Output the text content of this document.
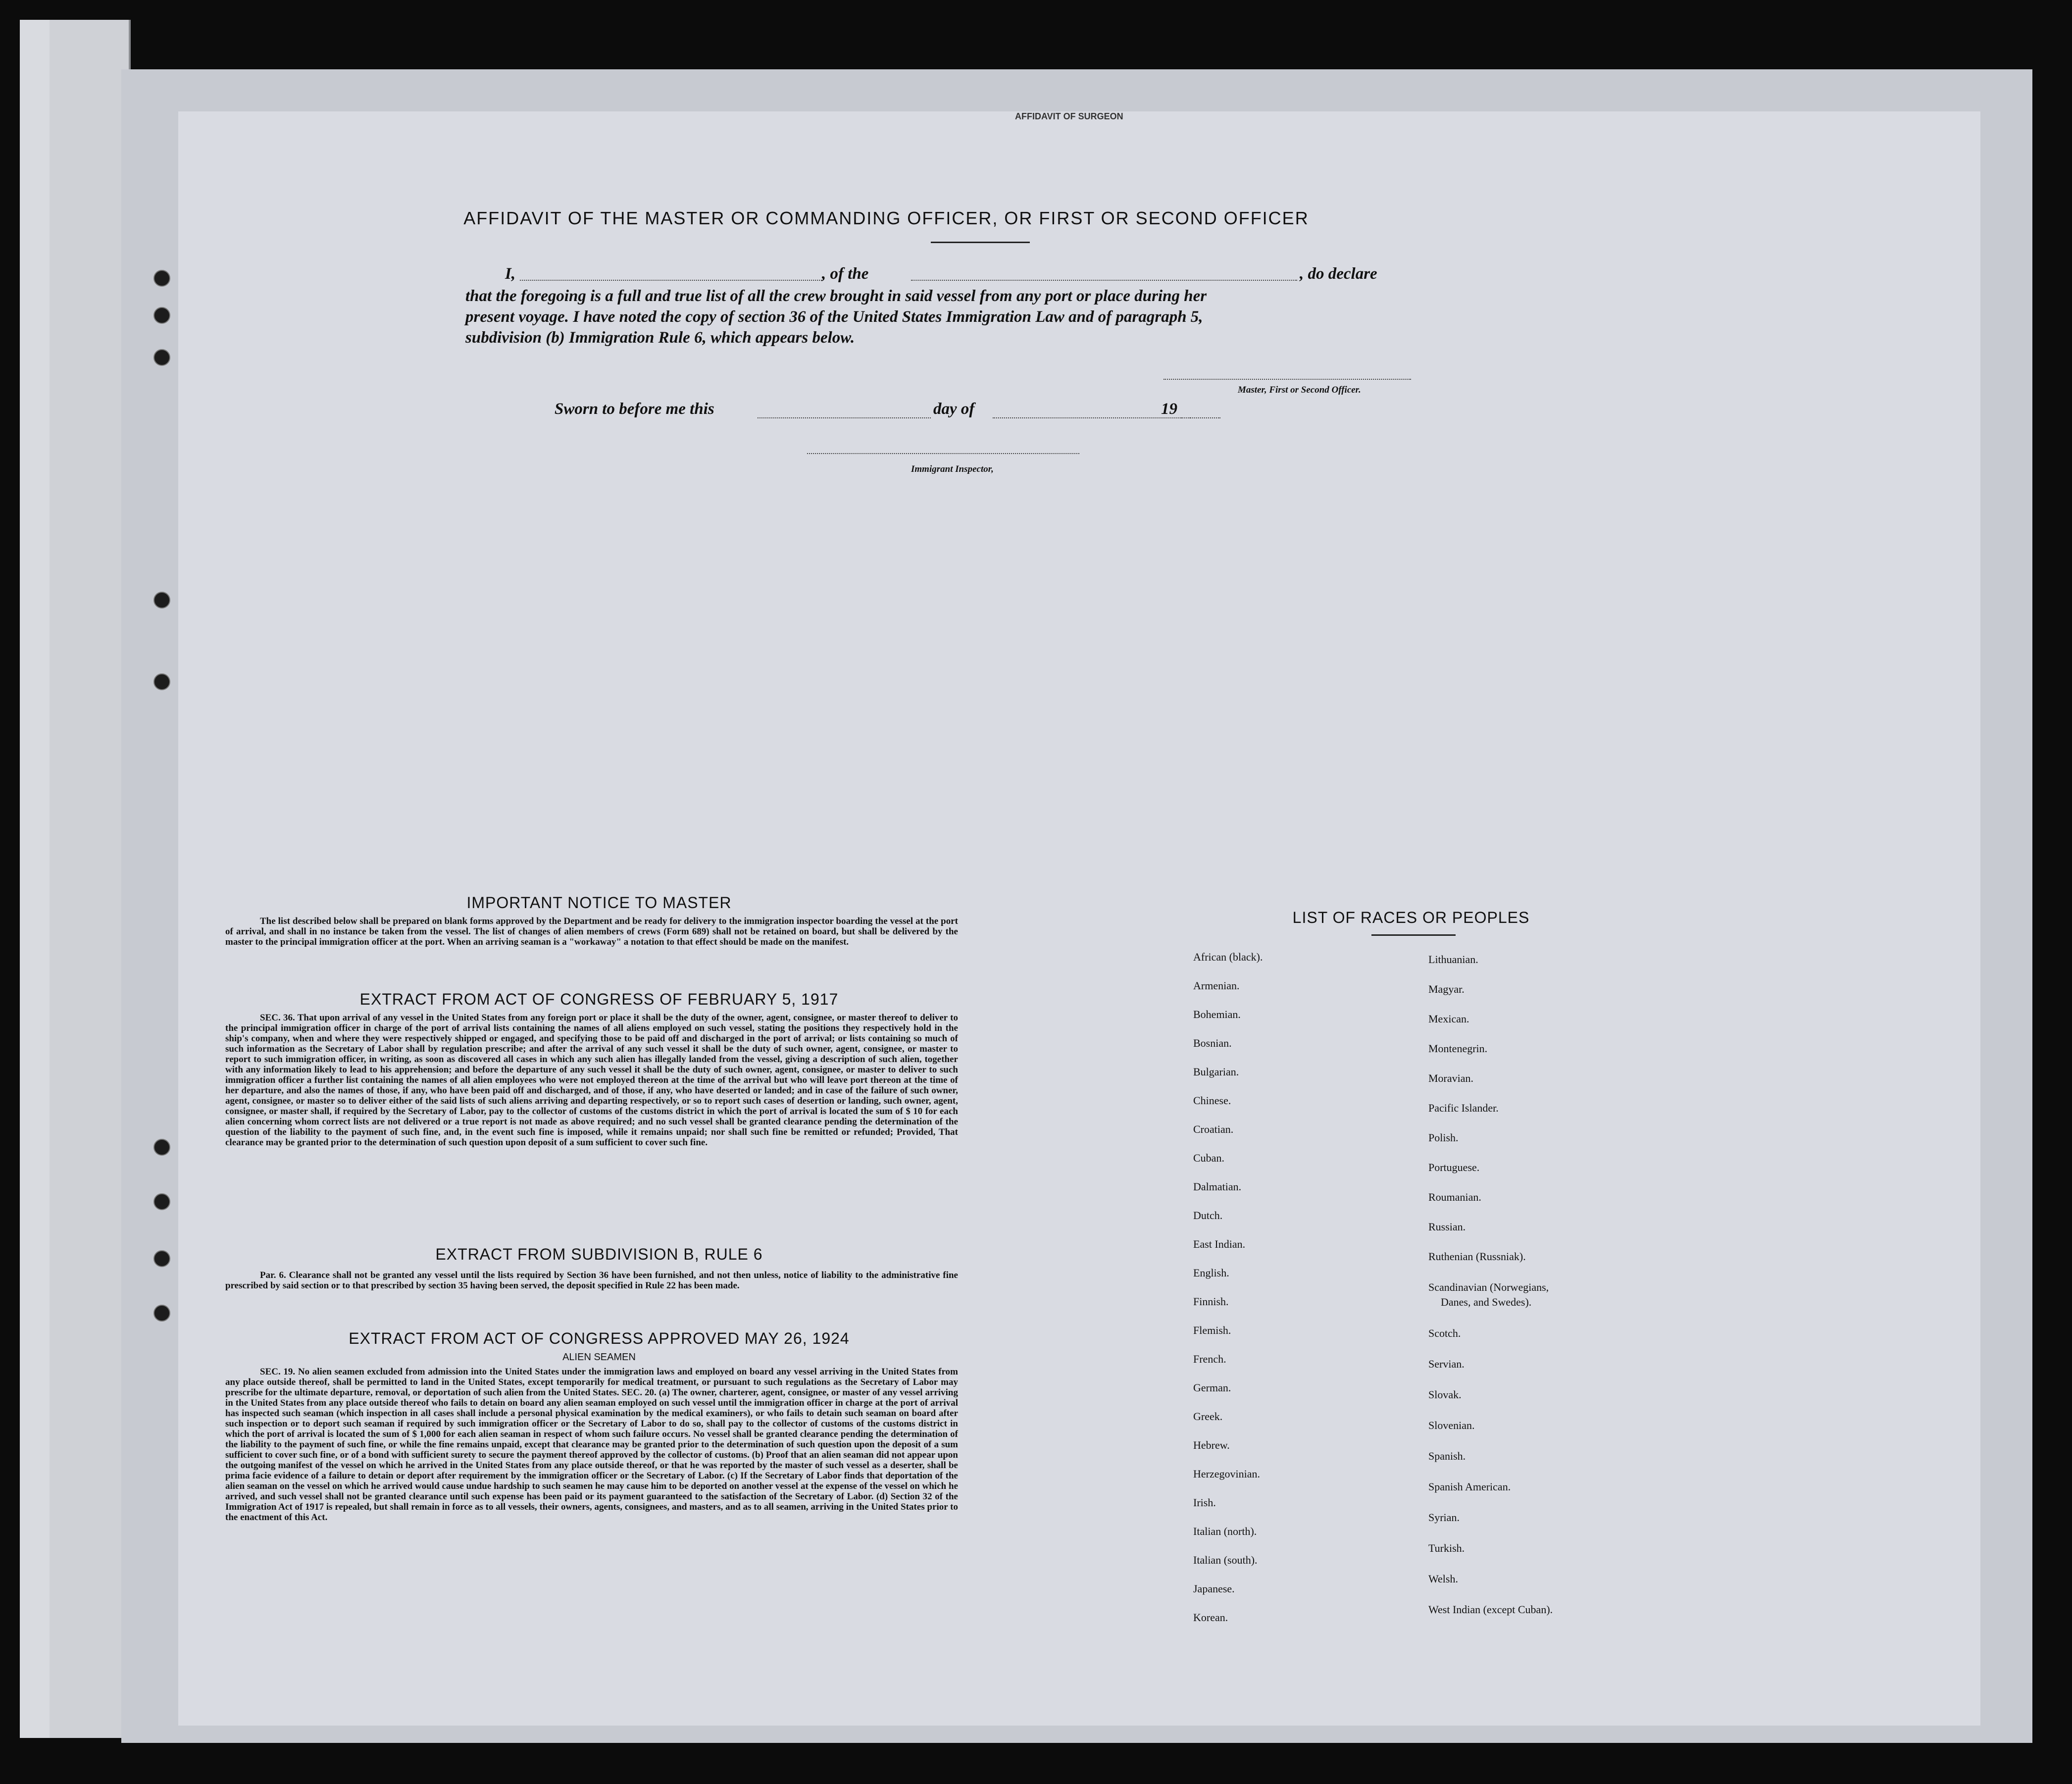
AFFIDAVIT OF SURGEON
AFFIDAVIT OF THE MASTER OR COMMANDING OFFICER, OR FIRST OR SECOND OFFICER
I,	, of the	, do declare
that the foregoing is a full and true list of all the crew brought in said vessel from any port or place during her
present voyage. I have noted the copy of section 36 of the United States Immigration Law and of paragraph 5,
subdivision (b) Immigration Rule 6, which appears below.
Master, First or Second Officer.
Sworn to before me this	day of	19
Immigrant Inspector,
IMPORTANT NOTICE TO MASTER
The list described below shall be prepared on blank forms approved by the Department and be ready for delivery to the immigration inspector boarding the vessel at the port of arrival, and shall in no instance be taken from the vessel. The list of changes of alien members of crews (Form 689) shall not be retained on board, but shall be delivered by the master to the principal immigration officer at the port. When an arriving seaman is a "workaway" a notation to that effect should be made on the manifest.
EXTRACT FROM ACT OF CONGRESS OF FEBRUARY 5, 1917
SEC. 36. That upon arrival of any vessel in the United States from any foreign port or place it shall be the duty of the owner, agent, consignee, or master thereof to deliver to the principal immigration officer in charge of the port of arrival lists containing the names of all aliens employed on such vessel, stating the positions they respectively hold in the ship's company, when and where they were respectively shipped or engaged, and specifying those to be paid off and discharged in the port of arrival; or lists containing so much of such information as the Secretary of Labor shall by regulation prescribe; and after the arrival of any such vessel it shall be the duty of such owner, agent, consignee, or master to report to such immigration officer, in writing, as soon as discovered all cases in which any such alien has illegally landed from the vessel, giving a description of such alien, together with any information likely to lead to his apprehension; and before the departure of any such vessel it shall be the duty of such owner, agent, consignee, or master to deliver to such immigration officer a further list containing the names of all alien employees who were not employed thereon at the time of the arrival but who will leave port thereon at the time of her departure, and also the names of those, if any, who have been paid off and discharged, and of those, if any, who have deserted or landed; and in case of the failure of such owner, agent, consignee, or master so to deliver either of the said lists of such aliens arriving and departing respectively, or so to report such cases of desertion or landing, such owner, agent, consignee, or master shall, if required by the Secretary of Labor, pay to the collector of customs of the customs district in which the port of arrival is located the sum of $ 10 for each alien concerning whom correct lists are not delivered or a true report is not made as above required; and no such vessel shall be granted clearance pending the determination of the question of the liability to the payment of such fine, and, in the event such fine is imposed, while it remains unpaid; nor shall such fine be remitted or refunded; Provided, That clearance may be granted prior to the determination of such question upon deposit of a sum sufficient to cover such fine.
EXTRACT FROM SUBDIVISION B, RULE 6
Par. 6. Clearance shall not be granted any vessel until the lists required by Section 36 have been furnished, and not then unless, notice of liability to the administrative fine prescribed by said section or to that prescribed by section 35 having been served, the deposit specified in Rule 22 has been made.
EXTRACT FROM ACT OF CONGRESS APPROVED MAY 26, 1924
ALIEN SEAMEN
SEC. 19. No alien seamen excluded from admission into the United States under the immigration laws and employed on board any vessel arriving in the United States from any place outside thereof, shall be permitted to land in the United States, except temporarily for medical treatment, or pursuant to such regulations as the Secretary of Labor may prescribe for the ultimate departure, removal, or deportation of such alien from the United States. SEC. 20. (a) The owner, charterer, agent, consignee, or master of any vessel arriving in the United States from any place outside thereof who fails to detain on board any alien seaman employed on such vessel until the immigration officer in charge at the port of arrival has inspected such seaman (which inspection in all cases shall include a personal physical examination by the medical examiners), or who fails to detain such seaman on board after such inspection or to deport such seaman if required by such immigration officer or the Secretary of Labor to do so, shall pay to the collector of customs of the customs district in which the port of arrival is located the sum of $ 1,000 for each alien seaman in respect of whom such failure occurs. No vessel shall be granted clearance pending the determination of the liability to the payment of such fine, or while the fine remains unpaid, except that clearance may be granted prior to the determination of such question upon the deposit of a sum sufficient to cover such fine, or of a bond with sufficient surety to secure the payment thereof approved by the collector of customs. (b) Proof that an alien seaman did not appear upon the outgoing manifest of the vessel on which he arrived in the United States from any place outside thereof, or that he was reported by the master of such vessel as a deserter, shall be prima facie evidence of a failure to detain or deport after requirement by the immigration officer or the Secretary of Labor. (c) If the Secretary of Labor finds that deportation of the alien seaman on the vessel on which he arrived would cause undue hardship to such seamen he may cause him to be deported on another vessel at the expense of the vessel on which he arrived, and such vessel shall not be granted clearance until such expense has been paid or its payment guaranteed to the satisfaction of the Secretary of Labor. (d) Section 32 of the Immigration Act of 1917 is repealed, but shall remain in force as to all vessels, their owners, agents, consignees, and masters, and as to all seamen, arriving in the United States prior to the enactment of this Act.
LIST OF RACES OR PEOPLES
African (black).
Armenian.
Bohemian.
Bosnian.
Bulgarian.
Chinese.
Croatian.
Cuban.
Dalmatian.
Dutch.
East Indian.
English.
Finnish.
Flemish.
French.
German.
Greek.
Hebrew.
Herzegovinian.
Irish.
Italian (north).
Italian (south).
Japanese.
Korean.
Lithuanian.
Magyar.
Mexican.
Montenegrin.
Moravian.
Pacific Islander.
Polish.
Portuguese.
Roumanian.
Russian.
Ruthenian (Russniak).
Scandinavian (Norwegians,
Danes, and Swedes).
Scotch.
Servian.
Slovak.
Slovenian.
Spanish.
Spanish American.
Syrian.
Turkish.
Welsh.
West Indian (except Cuban).
